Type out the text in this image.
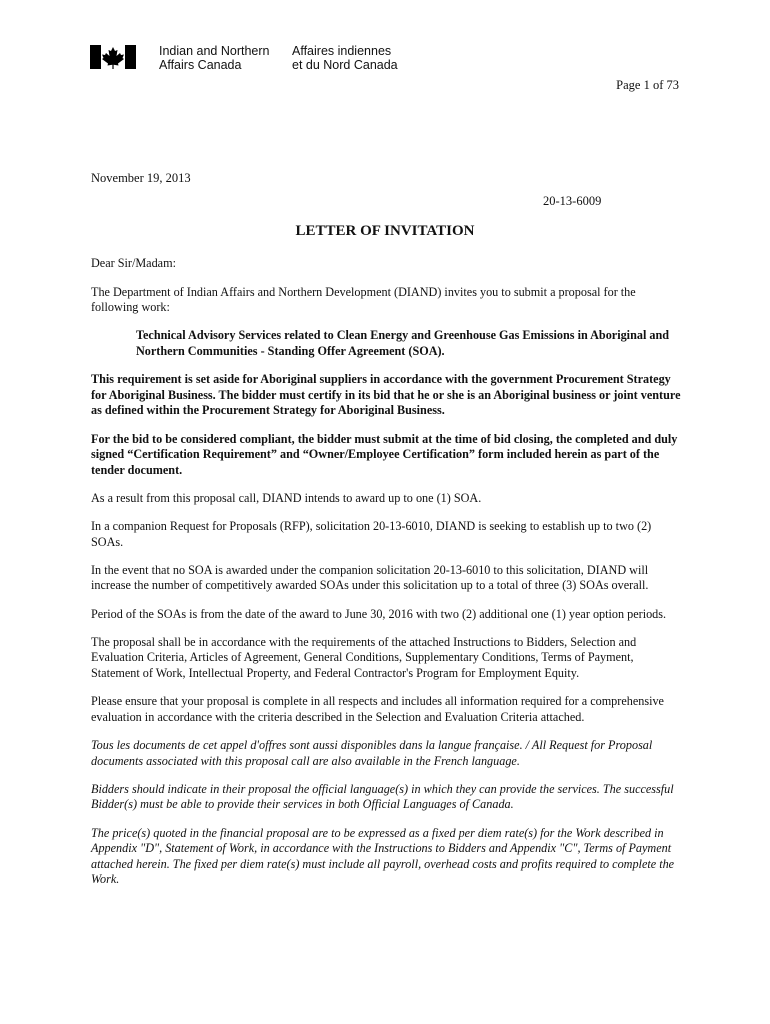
Indian and Northern
Affairs Canada
Affaires indiennes
et du Nord Canada
Page 1 of 73
November 19, 2013
20-13-6009
LETTER OF INVITATION

Dear Sir/Madam:

The Department of Indian Affairs and Northern Development (DIAND) invites you to submit a proposal for the following work:

Technical Advisory Services related to Clean Energy and Greenhouse Gas Emissions in Aboriginal and Northern Communities - Standing Offer Agreement (SOA).

This requirement is set aside for Aboriginal suppliers in accordance with the government Procurement Strategy for Aboriginal Business. The bidder must certify in its bid that he or she is an Aboriginal business or joint venture as defined within the Procurement Strategy for Aboriginal Business.

For the bid to be considered compliant, the bidder must submit at the time of bid closing, the completed and duly signed “Certification Requirement” and “Owner/Employee Certification” form included herein as part of the tender document.

As a result from this proposal call, DIAND intends to award up to one (1) SOA.

In a companion Request for Proposals (RFP), solicitation 20-13-6010, DIAND is seeking to establish up to two (2) SOAs.

In the event that no SOA is awarded under the companion solicitation 20-13-6010 to this solicitation, DIAND will increase the number of competitively awarded SOAs under this solicitation up to a total of three (3) SOAs overall.

Period of the SOAs is from the date of the award to June 30, 2016 with two (2) additional one (1) year option periods.

The proposal shall be in accordance with the requirements of the attached Instructions to Bidders, Selection and Evaluation Criteria, Articles of Agreement, General Conditions, Supplementary Conditions, Terms of Payment, Statement of Work, Intellectual Property, and Federal Contractor's Program for Employment Equity.

Please ensure that your proposal is complete in all respects and includes all information required for a comprehensive evaluation in accordance with the criteria described in the Selection and Evaluation Criteria attached.

Tous les documents de cet appel d'offres sont aussi disponibles dans la langue française. / All Request for Proposal documents associated with this proposal call are also available in the French language.

Bidders should indicate in their proposal the official language(s) in which they can provide the services. The successful Bidder(s) must be able to provide their services in both Official Languages of Canada.

The price(s) quoted in the financial proposal are to be expressed as a fixed per diem rate(s) for the Work described in Appendix "D", Statement of Work, in accordance with the Instructions to Bidders and Appendix "C", Terms of Payment attached herein. The fixed per diem rate(s) must include all payroll, overhead costs and profits required to complete the Work.
